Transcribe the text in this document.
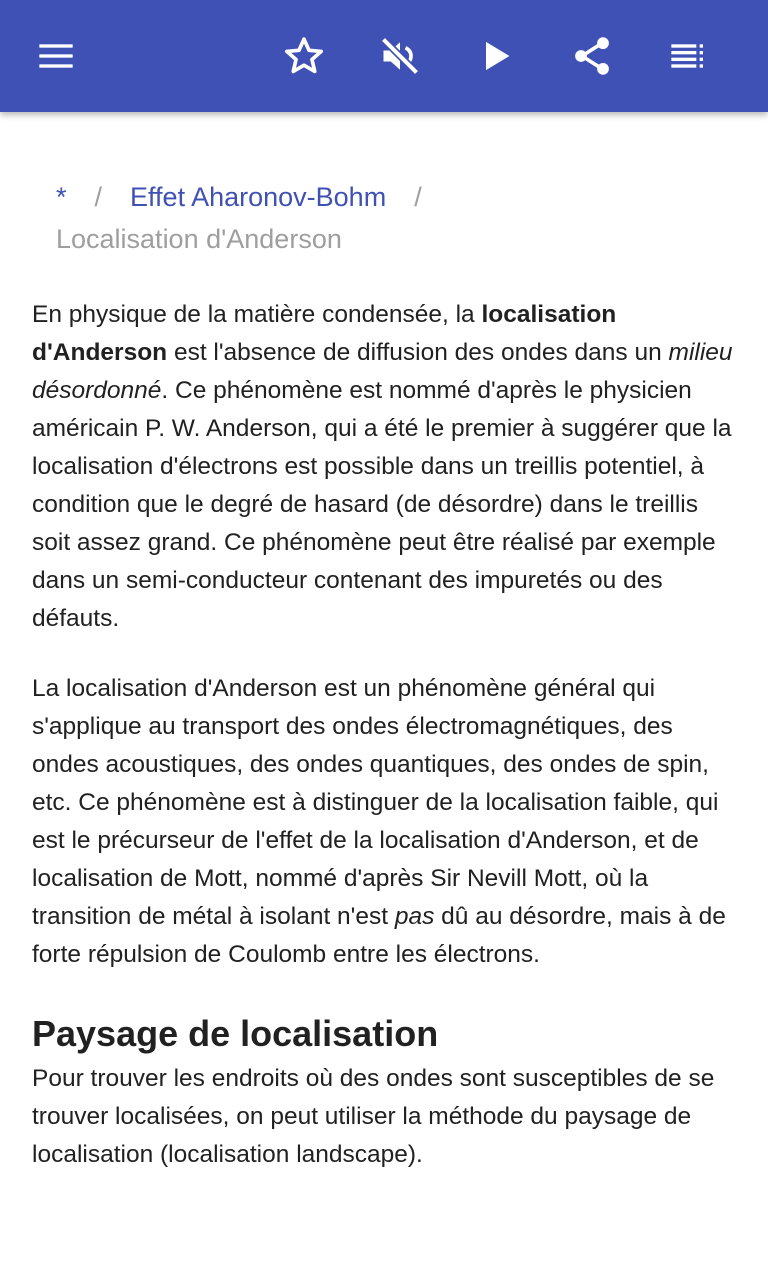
* / Effet Aharonov-Bohm /
Localisation d'Anderson

En physique de la matière condensée, la localisation d'Anderson est l'absence de diffusion des ondes dans un milieu désordonné. Ce phénomène est nommé d'après le physicien américain P. W. Anderson, qui a été le premier à suggérer que la localisation d'électrons est possible dans un treillis potentiel, à condition que le degré de hasard (de désordre) dans le treillis soit assez grand. Ce phénomène peut être réalisé par exemple dans un semi-conducteur contenant des impuretés ou des défauts.

La localisation d'Anderson est un phénomène général qui s'applique au transport des ondes électromagnétiques, des ondes acoustiques, des ondes quantiques, des ondes de spin, etc. Ce phénomène est à distinguer de la localisation faible, qui est le précurseur de l'effet de la localisation d'Anderson, et de localisation de Mott, nommé d'après Sir Nevill Mott, où la transition de métal à isolant n'est pas dû au désordre, mais à de forte répulsion de Coulomb entre les électrons.

Paysage de localisation

Pour trouver les endroits où des ondes sont susceptibles de se trouver localisées, on peut utiliser la méthode du paysage de localisation (localisation landscape).
